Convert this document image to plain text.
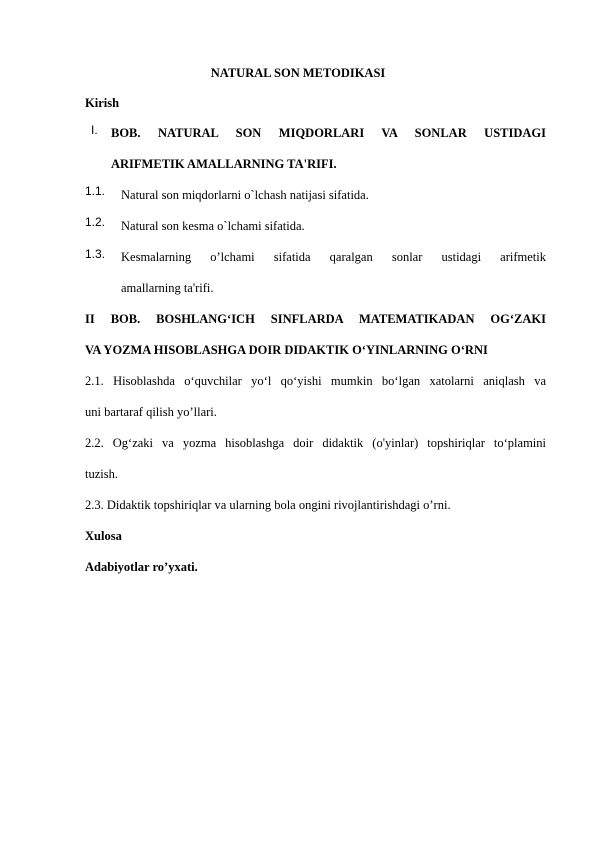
NATURAL SON METODIKASI
Kirish
I. BOB. NATURAL SON MIQDORLARI VA SONLAR USTIDAGI
ARIFMETIK AMALLARNING TA'RIFI.
1.1. Natural son miqdorlarni o`lchash natijasi sifatida.
1.2. Natural son kesma o`lchami sifatida.
1.3. Kesmalarning o’lchami sifatida qaralgan sonlar ustidagi arifmetik
amallarning ta'rifi.
II BOB. BOSHLANG‘ICH SINFLARDA MATEMATIKADAN OG‘ZAKI
VA YOZMA HISOBLASHGA DOIR DIDAKTIK O‘YINLARNING O‘RNI
2.1. Hisoblashda o‘quvchilar yo‘l qo‘yishi mumkin bo‘lgan xatolarni aniqlash va
uni bartaraf qilish yo’llari.
2.2. Og‘zaki va yozma hisoblashga doir didaktik (o'yinlar) topshiriqlar to‘plamini
tuzish.
2.3. Didaktik topshiriqlar va ularning bola ongini rivojlantirishdagi o’rni.
Xulosa
Adabiyotlar ro’yxati.
